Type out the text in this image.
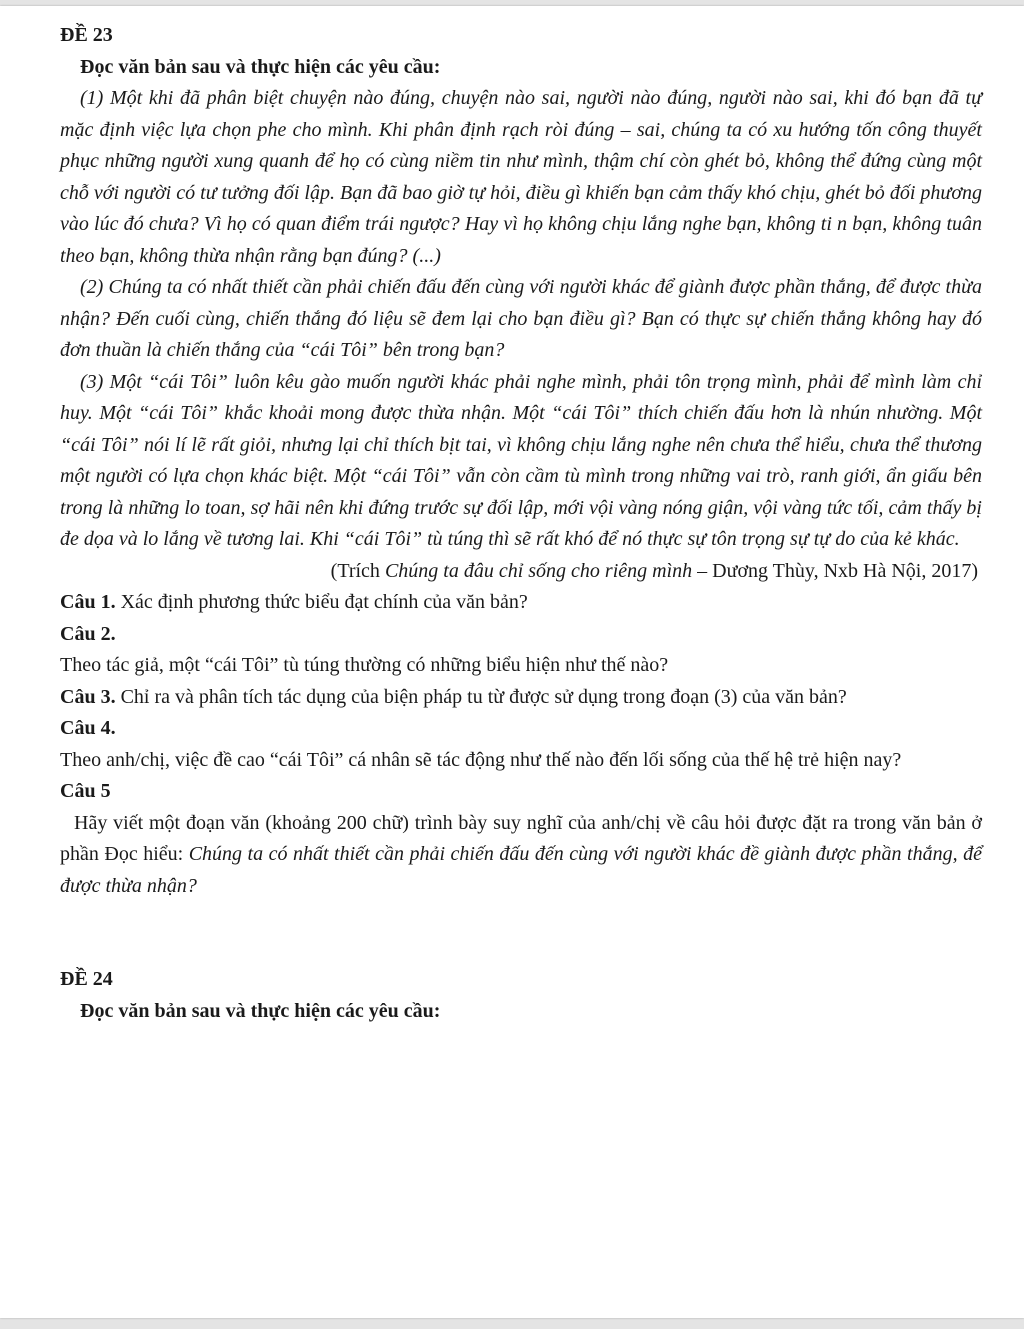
ĐỀ 23

Đọc văn bản sau và thực hiện các yêu cầu:

(1) Một khi đã phân biệt chuyện nào đúng, chuyện nào sai, người nào đúng, người nào sai, khi đó bạn đã tự mặc định việc lựa chọn phe cho mình. Khi phân định rạch ròi đúng – sai, chúng ta có xu hướng tốn công thuyết phục những người xung quanh để họ có cùng niềm tin như mình, thậm chí còn ghét bỏ, không thể đứng cùng một chỗ với người có tư tưởng đối lập. Bạn đã bao giờ tự hỏi, điều gì khiến bạn cảm thấy khó chịu, ghét bỏ đối phương vào lúc đó chưa? Vì họ có quan điểm trái ngược? Hay vì họ không chịu lắng nghe bạn, không ti n bạn, không tuân theo bạn, không thừa nhận rằng bạn đúng? (...)

(2) Chúng ta có nhất thiết cần phải chiến đấu đến cùng với người khác để giành được phần thắng, để được thừa nhận? Đến cuối cùng, chiến thắng đó liệu sẽ đem lại cho bạn điều gì? Bạn có thực sự chiến thắng không hay đó đơn thuần là chiến thắng của “cái Tôi” bên trong bạn?

(3) Một “cái Tôi” luôn kêu gào muốn người khác phải nghe mình, phải tôn trọng mình, phải để mình làm chỉ huy. Một “cái Tôi” khắc khoải mong được thừa nhận. Một “cái Tôi” thích chiến đấu hơn là nhún nhường. Một “cái Tôi” nói lí lẽ rất giỏi, nhưng lại chỉ thích bịt tai, vì không chịu lắng nghe nên chưa thể hiểu, chưa thể thương một người có lựa chọn khác biệt. Một “cái Tôi” vẫn còn cầm tù mình trong những vai trò, ranh giới, ẩn giấu bên trong là những lo toan, sợ hãi nên khi đứng trước sự đối lập, mới vội vàng nóng giận, vội vàng tức tối, cảm thấy bị đe dọa và lo lắng về tương lai. Khi “cái Tôi” tù túng thì sẽ rất khó để nó thực sự tôn trọng sự tự do của kẻ khác.

(Trích Chúng ta đâu chỉ sống cho riêng mình – Dương Thùy, Nxb Hà Nội, 2017)

Câu 1. Xác định phương thức biểu đạt chính của văn bản?

Câu 2.

Theo tác giả, một “cái Tôi” tù túng thường có những biểu hiện như thế nào?

Câu 3. Chỉ ra và phân tích tác dụng của biện pháp tu từ được sử dụng trong đoạn (3) của văn bản?

Câu 4.

Theo anh/chị, việc đề cao “cái Tôi” cá nhân sẽ tác động như thế nào đến lối sống của thế hệ trẻ hiện nay?

Câu 5

Hãy viết một đoạn văn (khoảng 200 chữ) trình bày suy nghĩ của anh/chị về câu hỏi được đặt ra trong văn bản ở phần Đọc hiểu: Chúng ta có nhất thiết cần phải chiến đấu đến cùng với người khác đề giành được phần thắng, để được thừa nhận?

ĐỀ 24

Đọc văn bản sau và thực hiện các yêu cầu:
